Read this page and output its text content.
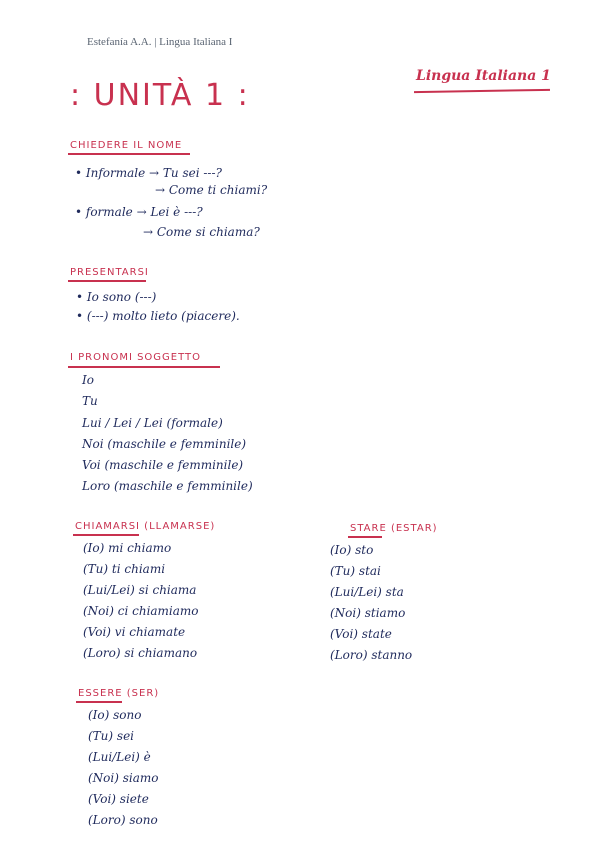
Estefanía A.A. | Lingua Italiana I
: UNITÀ 1 :
Lingua Italiana 1
CHIEDERE IL NOME
• Informale → Tu sei ---?
→ Come ti chiami?
• formale → Lei è ---?
→ Come si chiama?
PRESENTARSI
• Io sono (---)
• (---) molto lieto (piacere).
I PRONOMI SOGGETTO
Io
Tu
Lui / Lei / Lei (formale)
Noi (maschile e femminile)
Voi (maschile e femminile)
Loro (maschile e femminile)
CHIAMARSI (LLAMARSE)
(Io) mi chiamo
(Tu) ti chiami
(Lui/Lei) si chiama
(Noi) ci chiamiamo
(Voi) vi chiamate
(Loro) si chiamano
STARE (ESTAR)
(Io) sto
(Tu) stai
(Lui/Lei) sta
(Noi) stiamo
(Voi) state
(Loro) stanno
ESSERE (SER)
(Io) sono
(Tu) sei
(Lui/Lei) è
(Noi) siamo
(Voi) siete
(Loro) sono
